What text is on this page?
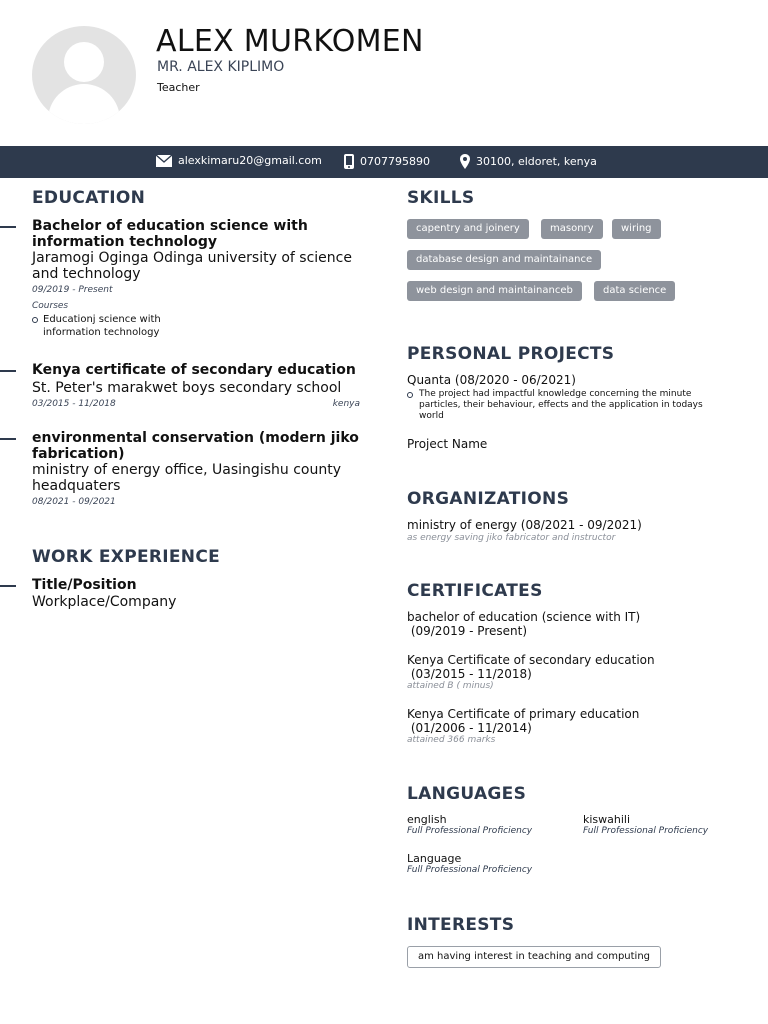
ALEX MURKOMEN
MR. ALEX KIPLIMO
Teacher
alexkimaru20@gmail.com	0707795890	30100, eldoret, kenya
EDUCATION
Bachelor of education science with
information technology
Jaramogi Oginga Odinga university of science
and technology
09/2019 - Present
Courses
Educationj science with
information technology
Kenya certificate of secondary education
St. Peter's marakwet boys secondary school
03/2015 - 11/2018	kenya
environmental conservation (modern jiko
fabrication)
ministry of energy office, Uasingishu county
headquaters
08/2021 - 09/2021
WORK EXPERIENCE
Title/Position
Workplace/Company
SKILLS
capentry and joinery	masonry	wiring
database design and maintainance
web design and maintainanceb	data science
PERSONAL PROJECTS
Quanta (08/2020 - 06/2021)
The project had impactful knowledge concerning the minute
particles, their behaviour, effects and the application in todays
world
Project Name
ORGANIZATIONS
ministry of energy (08/2021 - 09/2021)
as energy saving jiko fabricator and instructor
CERTIFICATES
bachelor of education (science with IT)
(09/2019 - Present)
Kenya Certificate of secondary education
(03/2015 - 11/2018)
attained B ( minus)
Kenya Certificate of primary education
(01/2006 - 11/2014)
attained 366 marks
LANGUAGES
english
Full Professional Proficiency
kiswahili
Full Professional Proficiency
Language
Full Professional Proficiency
INTERESTS
am having interest in teaching and computing
